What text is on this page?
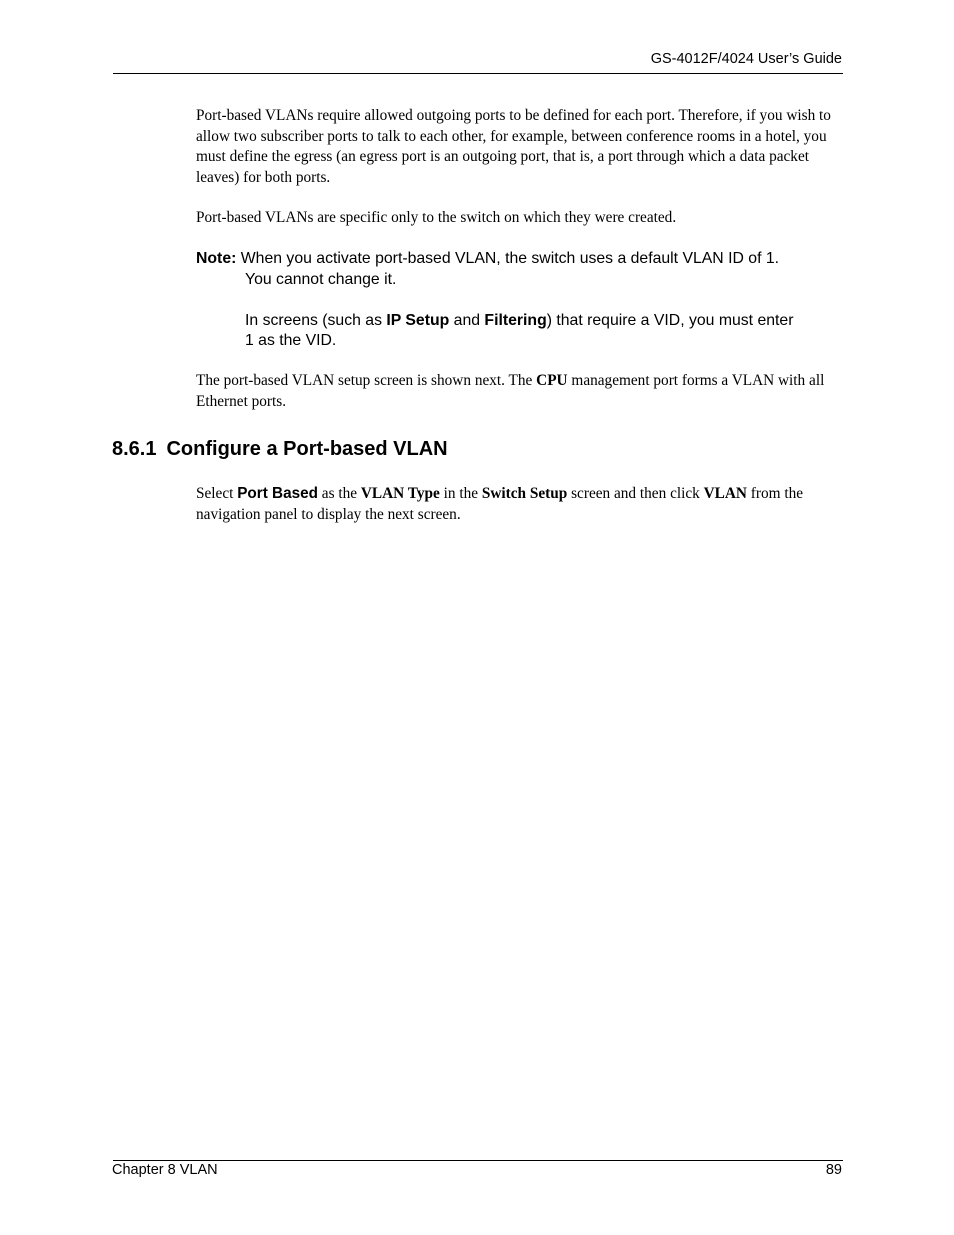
GS-4012F/4024 User’s Guide
Port-based VLANs require allowed outgoing ports to be defined for each port. Therefore, if you wish to allow two subscriber ports to talk to each other, for example, between conference rooms in a hotel, you must define the egress (an egress port is an outgoing port, that is, a port through which a data packet leaves) for both ports.
Port-based VLANs are specific only to the switch on which they were created.
Note: When you activate port-based VLAN, the switch uses a default VLAN ID of 1.
You cannot change it.
In screens (such as IP Setup and Filtering) that require a VID, you must enter
1 as the VID.
The port-based VLAN setup screen is shown next. The CPU management port forms a VLAN with all Ethernet ports.
8.6.1 Configure a Port-based VLAN
Select Port Based as the VLAN Type in the Switch Setup screen and then click VLAN from the navigation panel to display the next screen.
Chapter 8 VLAN	89
